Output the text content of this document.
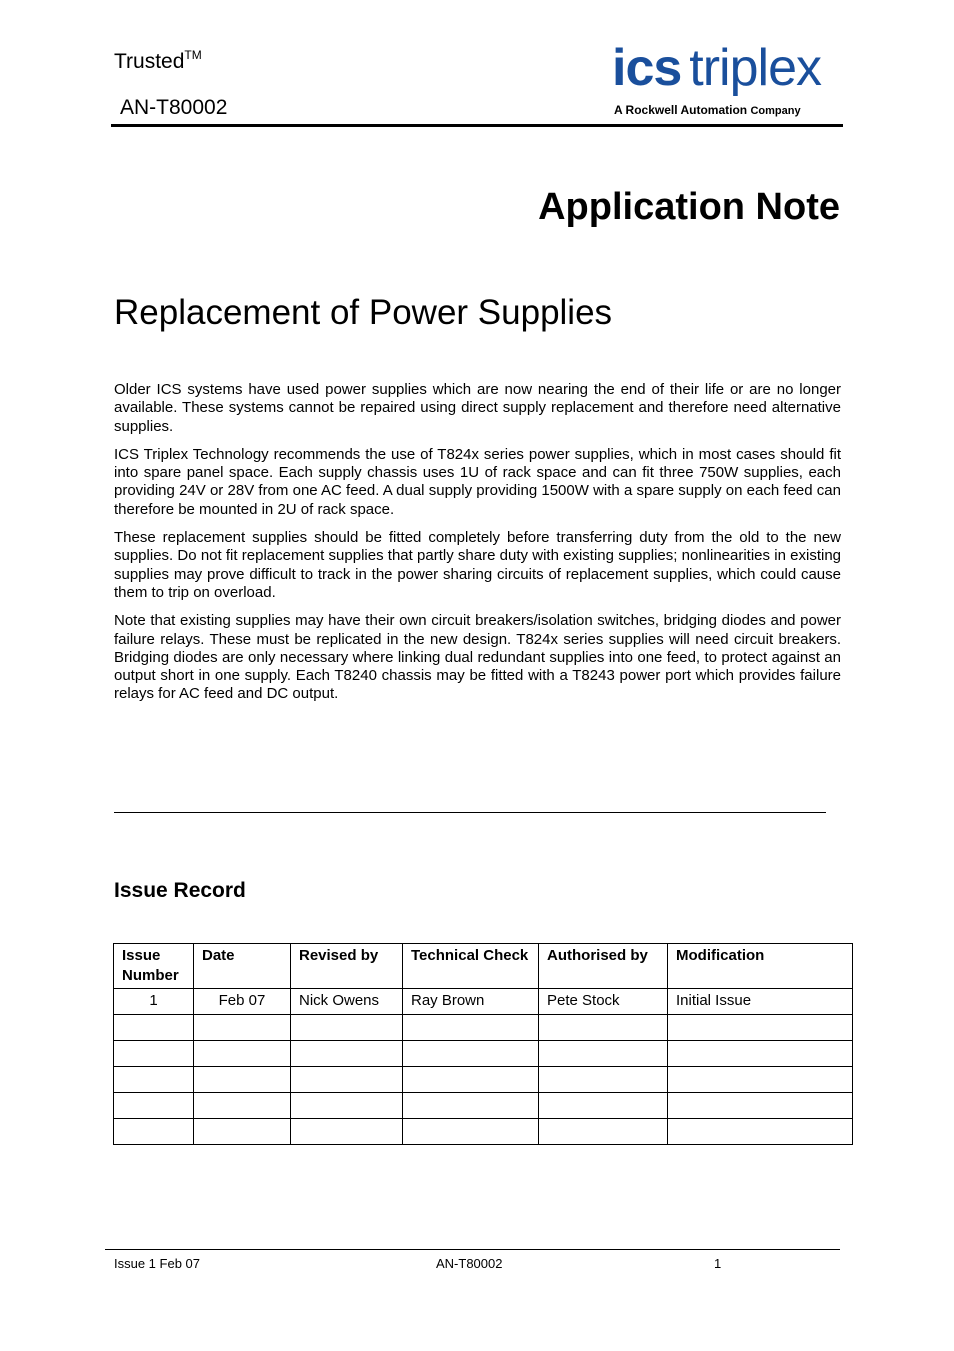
Trusted™
AN-T80002
ics triplex
A Rockwell Automation Company
Application Note
Replacement of Power Supplies

Older ICS systems have used power supplies which are now nearing the end of their life or are no longer available. These systems cannot be repaired using direct supply replacement and therefore need alternative supplies.

ICS Triplex Technology recommends the use of T824x series power supplies, which in most cases should fit into spare panel space. Each supply chassis uses 1U of rack space and can fit three 750W supplies, each providing 24V or 28V from one AC feed. A dual supply providing 1500W with a spare supply on each feed can therefore be mounted in 2U of rack space.

These replacement supplies should be fitted completely before transferring duty from the old to the new supplies. Do not fit replacement supplies that partly share duty with existing supplies; nonlinearities in existing supplies may prove difficult to track in the power sharing circuits of replacement supplies, which could cause them to trip on overload.

Note that existing supplies may have their own circuit breakers/isolation switches, bridging diodes and power failure relays. These must be replicated in the new design. T824x series supplies will need circuit breakers. Bridging diodes are only necessary where linking dual redundant supplies into one feed, to protect against an output short in one supply. Each T8240 chassis may be fitted with a T8243 power port which provides failure relays for AC feed and DC output.

Issue Record
Issue Number	Date	Revised by	Technical Check	Authorised by	Modification
1	Feb 07	Nick Owens	Ray Brown	Pete Stock	Initial Issue

Issue 1 Feb 07	AN-T80002	1
